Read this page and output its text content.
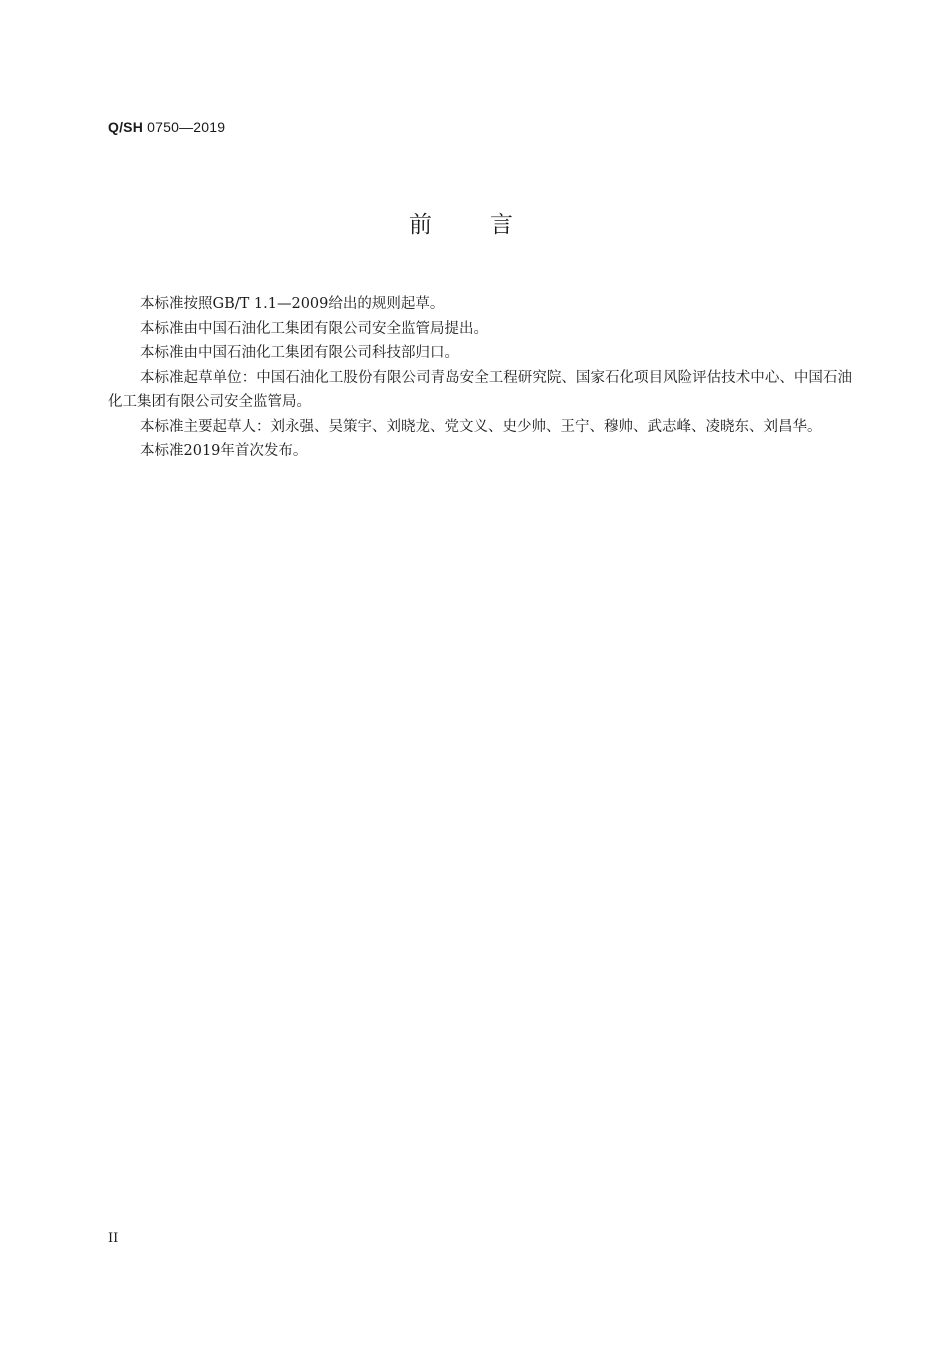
Q/SH 0750—2019
前言

本标准按照GB/T 1.1—2009给出的规则起草。

本标准由中国石油化工集团有限公司安全监管局提出。

本标准由中国石油化工集团有限公司科技部归口。

本标准起草单位：中国石油化工股份有限公司青岛安全工程研究院、国家石化项目风险评估技术中心、中国石油化工集团有限公司安全监管局。

本标准主要起草人：刘永强、吴策宇、刘晓龙、党文义、史少帅、王宁、穆帅、武志峰、凌晓东、刘昌华。

本标准2019年首次发布。

II
